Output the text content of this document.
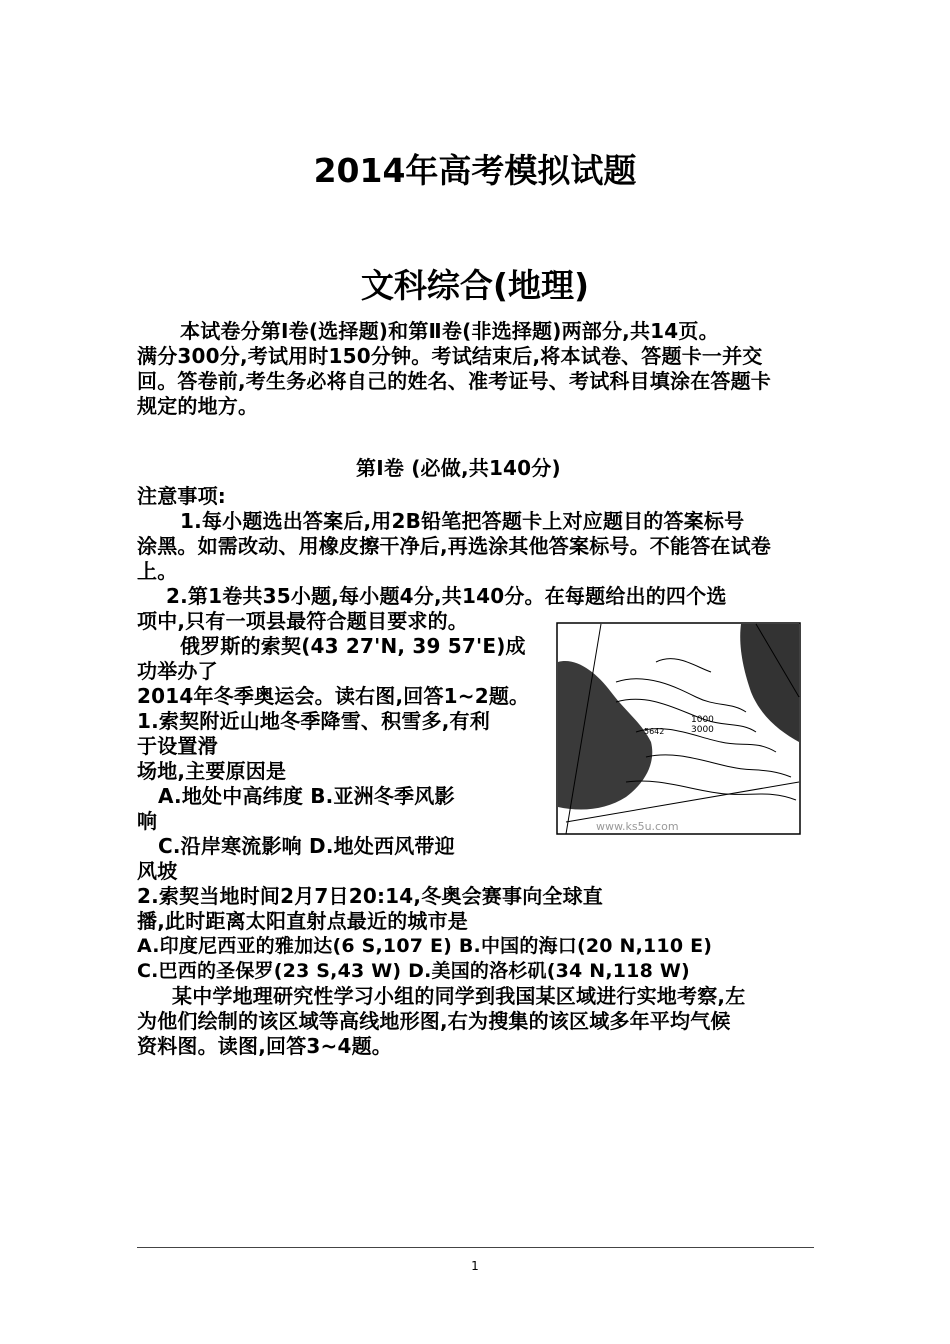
2014年高考模拟试题
文科综合(地理)
本试卷分第Ⅰ卷(选择题)和第Ⅱ卷(非选择题)两部分,共14页。
满分300分,考试用时150分钟。考试结束后,将本试卷、答题卡一并交
回。答卷前,考生务必将自己的姓名、准考证号、考试科目填涂在答题卡
规定的地方。
第Ⅰ卷 (必做,共140分)
注意事项:
1.每小题选出答案后,用2B铅笔把答题卡上对应题目的答案标号
涂黑。如需改动、用橡皮擦干净后,再选涂其他答案标号。不能答在试卷
上。
2.第1卷共35小题,每小题4分,共140分。在每题给出的四个选
项中,只有一项县最符合题目要求的。
俄罗斯的索契(43 27'N, 39 57'E)成
功举办了
2014年冬季奥运会。读右图,回答1~2题。
1.索契附近山地冬季降雪、积雪多,有利
于设置滑
场地,主要原因是
A.地处中高纬度 B.亚洲冬季风影
响
C.沿岸寒流影响 D.地处西风带迎
风坡
2.索契当地时间2月7日20:14,冬奥会赛事向全球直
播,此时距离太阳直射点最近的城市是
A.印度尼西亚的雅加达(6 S,107 E) B.中国的海口(20 N,110 E)
C.巴西的圣保罗(23 S,43 W) D.美国的洛杉矶(34 N,118 W)
某中学地理研究性学习小组的同学到我国某区域进行实地考察,左
为他们绘制的该区域等高线地形图,右为搜集的该区域多年平均气候
资料图。读图,回答3~4题。
1000
3000
5642
www.ks5u.com
1
